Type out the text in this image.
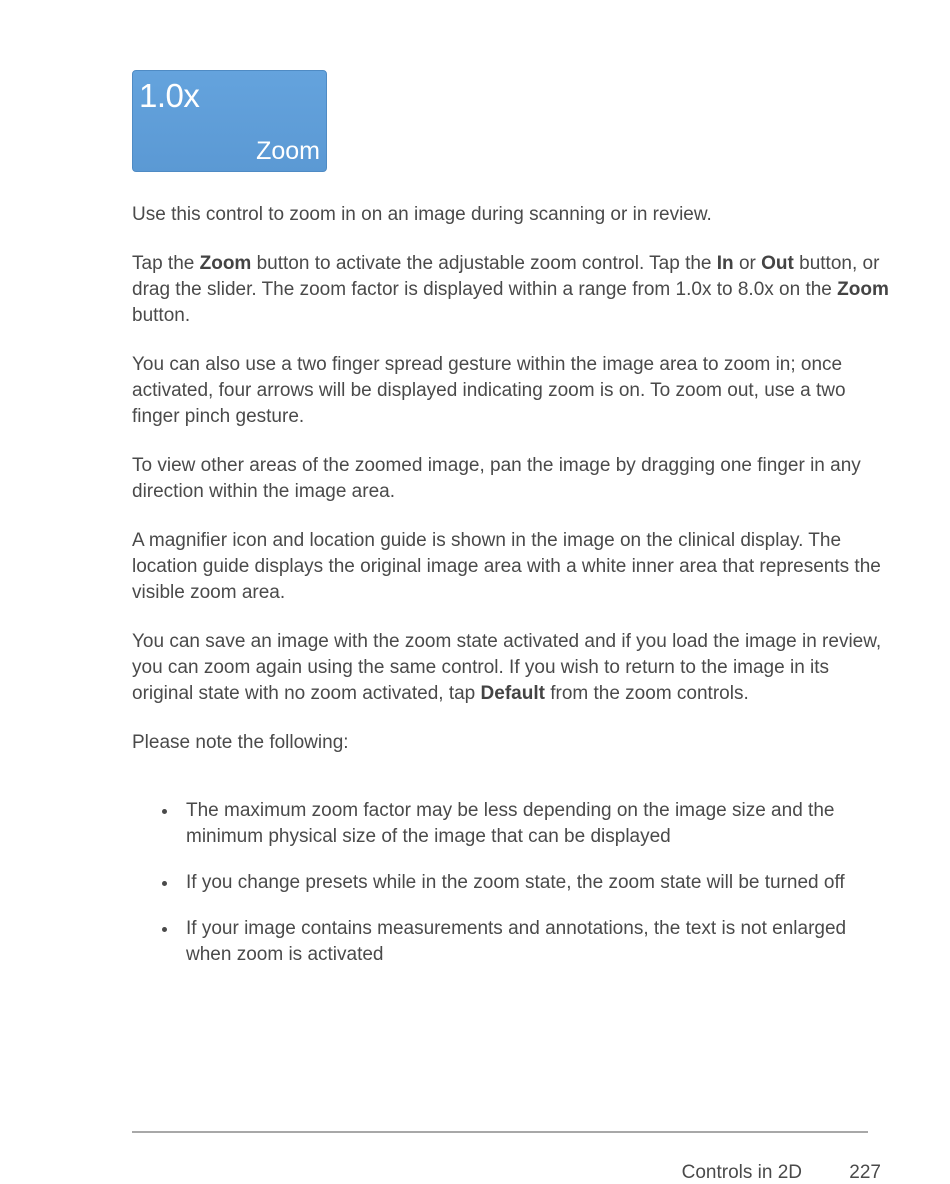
1.0x
Zoom

Use this control to zoom in on an image during scanning or in review.

Tap the Zoom button to activate the adjustable zoom control. Tap the In or Out button, or drag the slider. The zoom factor is displayed within a range from 1.0x to 8.0x on the Zoom button.

You can also use a two finger spread gesture within the image area to zoom in; once activated, four arrows will be displayed indicating zoom is on. To zoom out, use a two finger pinch gesture.

To view other areas of the zoomed image, pan the image by dragging one finger in any direction within the image area.

A magnifier icon and location guide is shown in the image on the clinical display. The location guide displays the original image area with a white inner area that represents the visible zoom area.

You can save an image with the zoom state activated and if you load the image in review, you can zoom again using the same control. If you wish to return to the image in its original state with no zoom activated, tap Default from the zoom controls.

Please note the following:

The maximum zoom factor may be less depending on the image size and the minimum physical size of the image that can be displayed
If you change presets while in the zoom state, the zoom state will be turned off
If your image contains measurements and annotations, the text is not enlarged when zoom is activated
Controls in 2D 227
